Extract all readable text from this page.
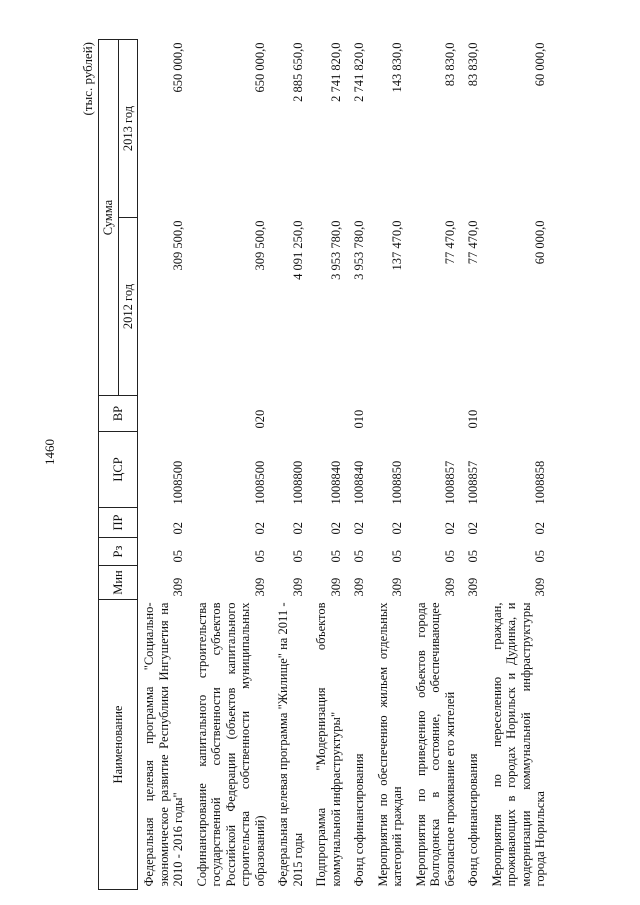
1460
(тыс. рублей)
Наименование	Мин	Рз	ПР	ЦСР	ВР	Сумма	
						2012 год	2013 год
Федеральная целевая программа "Социально-экономическое развитие Республики Ингушетия на 2010 - 2016 годы"	309	05	02	1008500		309 500,0	650 000,0
Софинансирование капитального строительства государственной собственности субъектов Российской Федерации (объектов капитального строительства собственности муниципальных образований)	309	05	02	1008500	020	309 500,0	650 000,0
Федеральная целевая программа "Жилище" на 2011 - 2015 годы	309	05	02	1008800		4 091 250,0	2 885 650,0
Подпрограмма "Модернизация объектов коммунальной инфраструктуры"	309	05	02	1008840		3 953 780,0	2 741 820,0
Фонд софинансирования	309	05	02	1008840	010	3 953 780,0	2 741 820,0
Мероприятия по обеспечению жильем отдельных категорий граждан	309	05	02	1008850		137 470,0	143 830,0
Мероприятия по приведению объектов города Волгодонска в состояние, обеспечивающее безопасное проживание его жителей	309	05	02	1008857		77 470,0	83 830,0
Фонд софинансирования	309	05	02	1008857	010	77 470,0	83 830,0
Мероприятия по переселению граждан, проживающих в городах Норильск и Дудинка, и модернизации коммунальной инфраструктуры города Норильска	309	05	02	1008858		60 000,0	60 000,0
